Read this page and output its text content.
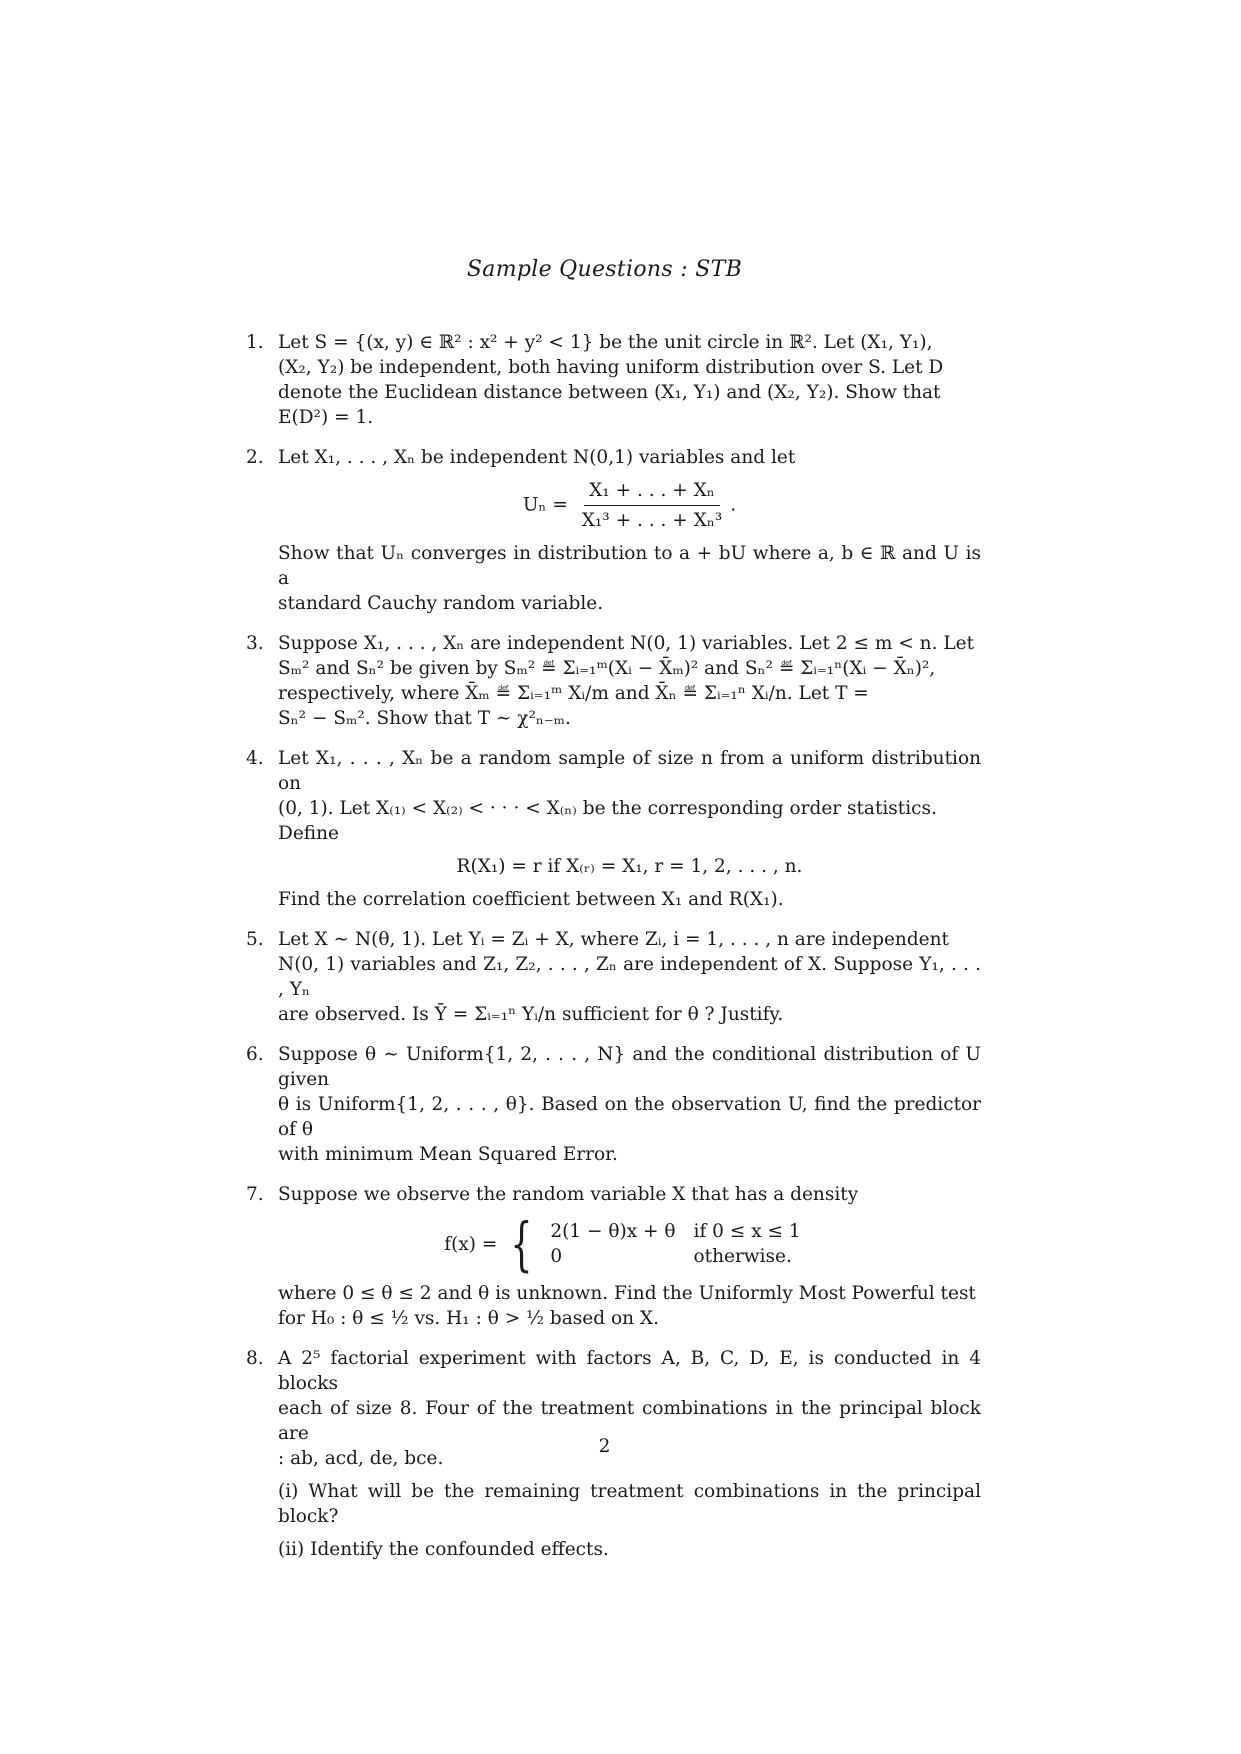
Sample Questions : STB
1. Let S = {(x, y) ∈ ℝ² : x² + y² < 1} be the unit circle in ℝ². Let (X₁, Y₁),
(X₂, Y₂) be independent, both having uniform distribution over S. Let D
denote the Euclidean distance between (X₁, Y₁) and (X₂, Y₂). Show that
E(D²) = 1.
2. Let X₁, . . . , Xₙ be independent N(0,1) variables and let
$U_n = \frac{\text{X₁ + . . . + Xₙ}}{\text{X₁³ + . . . + Xₙ³}}$ .
Show that Uₙ converges in distribution to a + bU where a, b ∈ ℝ and U is a
standard Cauchy random variable.
3. Suppose X₁, . . . , Xₙ are independent N(0, 1) variables. Let 2 ≤ m < n. Let
Sₘ² and Sₙ² be given by Sₘ² ≝ Σᵢ₌₁ᵐ(Xᵢ − X̄ₘ)² and Sₙ² ≝ Σᵢ₌₁ⁿ(Xᵢ − X̄ₙ)²,
respectively, where X̄ₘ ≝ Σᵢ₌₁ᵐ Xᵢ/m and X̄ₙ ≝ Σᵢ₌₁ⁿ Xᵢ/n. Let T =
Sₙ² − Sₘ². Show that T ∼ χ²ₙ₋ₘ.
4. Let X₁, . . . , Xₙ be a random sample of size n from a uniform distribution on
(0, 1). Let X₍₁₎ < X₍₂₎ < · · · < X₍ₙ₎ be the corresponding order statistics.
Define
R(X₁) = r if X₍ᵣ₎ = X₁, r = 1, 2, . . . , n.
Find the correlation coefficient between X₁ and R(X₁).
5. Let X ∼ N(θ, 1). Let Yᵢ = Zᵢ + X, where Zᵢ, i = 1, . . . , n are independent
N(0, 1) variables and Z₁, Z₂, . . . , Zₙ are independent of X. Suppose Y₁, . . . , Yₙ
are observed. Is Ȳ = Σᵢ₌₁ⁿ Yᵢ/n sufficient for θ ? Justify.
6. Suppose θ ∼ Uniform{1, 2, . . . , N} and the conditional distribution of U given
θ is Uniform{1, 2, . . . , θ}. Based on the observation U, find the predictor of θ
with minimum Mean Squared Error.
7. Suppose we observe the random variable X that has a density
f(x) = { 2(1 − θ)x + θ	if 0 ≤ x ≤ 1
0	otherwise.
where 0 ≤ θ ≤ 2 and θ is unknown. Find the Uniformly Most Powerful test
for H₀ : θ ≤ ½ vs. H₁ : θ > ½ based on X.
8. A 2⁵ factorial experiment with factors A, B, C, D, E, is conducted in 4 blocks
each of size 8. Four of the treatment combinations in the principal block are
: ab, acd, de, bce.
(i) What will be the remaining treatment combinations in the principal block?
(ii) Identify the confounded effects.
2
